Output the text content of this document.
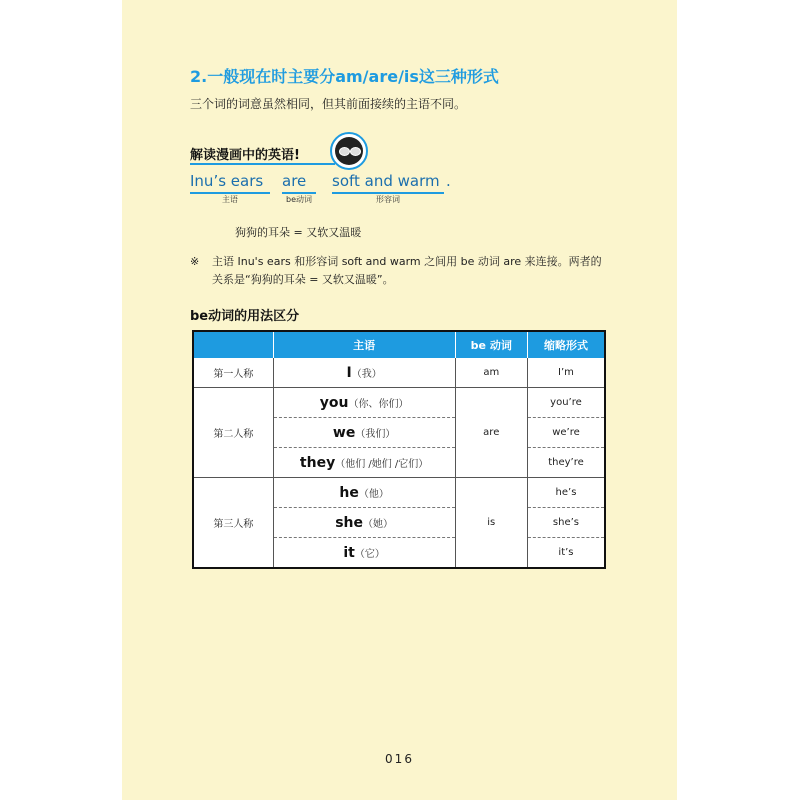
2.一般现在时主要分am/are/is这三种形式
三个词的词意虽然相同，但其前面接续的主语不同。
解读漫画中的英语!
Inu’s ears are soft and warm .
主语	be动词	形容词
狗狗的耳朵 = 又软又温暖
※ 主语 Inu's ears 和形容词 soft and warm 之间用 be 动词 are 来连接。两者的关系是“狗狗的耳朵 = 又软又温暖”。
be动词的用法区分
	主语	be 动词	缩略形式
第一人称	I（我）	am	I’m
第二人称	you（你、你们）	are	you’re
	we（我们）		we’re
	they（他们 /她们 /它们）		they’re
第三人称	he（他）	is	he’s
	she（她）		she’s
	it（它）		it’s
016
